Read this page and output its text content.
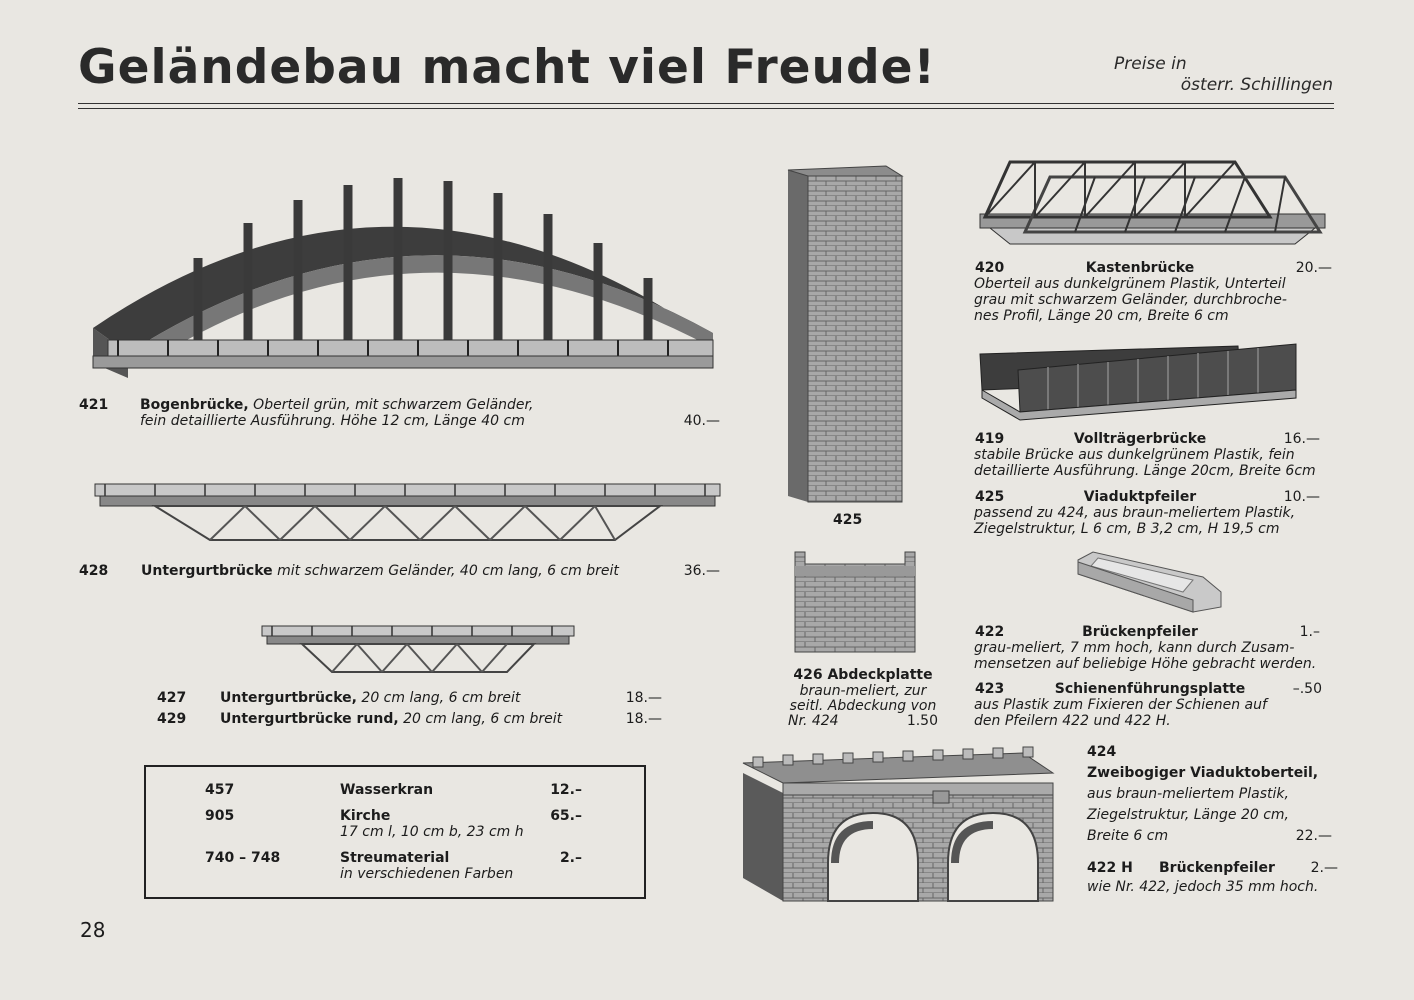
Geländebau macht viel Freude!	Preise in
österr. Schillingen
421 Bogenbrücke, Oberteil grün, mit schwarzem Geländer,
fein detaillierte Ausführung. Höhe 12 cm, Länge 40 cm	40.—
428 Untergurtbrücke mit schwarzem Geländer, 40 cm lang, 6 cm breit	36.—
427 Untergurtbrücke, 20 cm lang, 6 cm breit	18.—
429 Untergurtbrücke rund, 20 cm lang, 6 cm breit	18.—
457	Wasserkran	12.–
905	Kirche	65.–
17 cm l, 10 cm b, 23 cm h
740 – 748	Streumaterial	2.–
in verschiedenen Farben
425
426 Abdeckplatte
braun-meliert, zur
seitl. Abdeckung von
Nr. 424	1.50
420	Kastenbrücke	20.—
Oberteil aus dunkelgrünem Plastik, Unterteil
grau mit schwarzem Geländer, durchbroche-
nes Profil, Länge 20 cm, Breite 6 cm
419	Vollträgerbrücke	16.—
stabile Brücke aus dunkelgrünem Plastik, fein
detaillierte Ausführung. Länge 20cm, Breite 6cm
425	Viaduktpfeiler	10.—
passend zu 424, aus braun-meliertem Plastik,
Ziegelstruktur, L 6 cm, B 3,2 cm, H 19,5 cm
422	Brückenpfeiler	1.–
grau-meliert, 7 mm hoch, kann durch Zusam-
mensetzen auf beliebige Höhe gebracht werden.
423	Schienenführungsplatte	–.50
aus Plastik zum Fixieren der Schienen auf
den Pfeilern 422 und 422 H.
424
Zweibogiger Viaduktoberteil,
aus braun-meliertem Plastik,
Ziegelstruktur, Länge 20 cm,
Breite 6 cm	22.—
422 H Brückenpfeiler	2.—
wie Nr. 422, jedoch 35 mm hoch.
28
